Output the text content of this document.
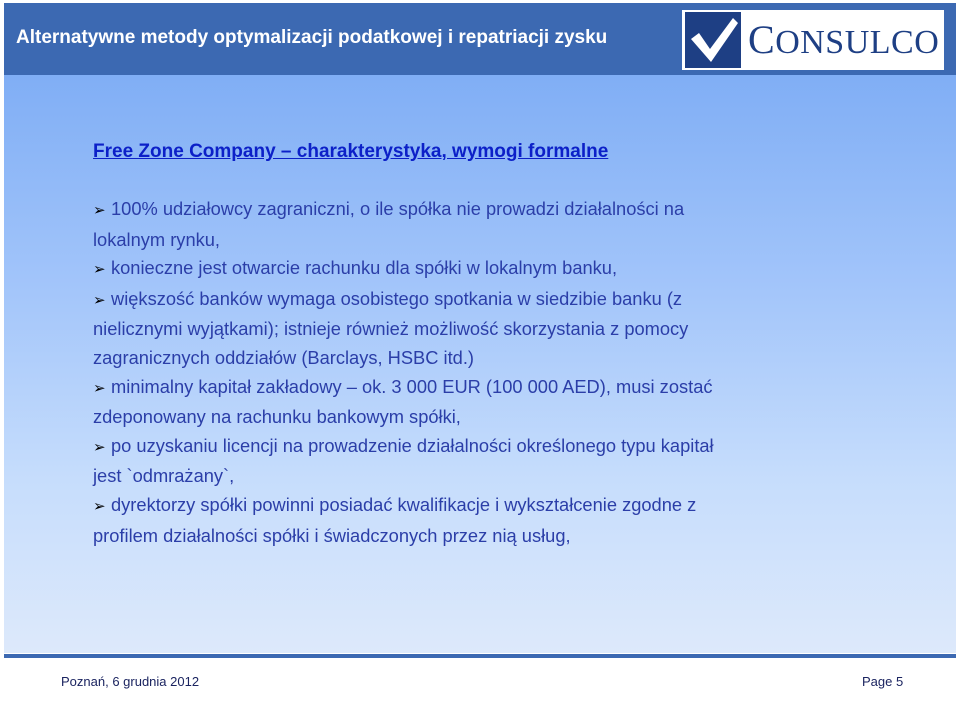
Alternatywne metody optymalizacji podatkowej i repatriacji zysku	CONSULCO
Free Zone Company – charakterystyka, wymogi formalne
➢ 100% udziałowcy zagraniczni, o ile spółka nie prowadzi działalności na
lokalnym rynku,
➢ konieczne jest otwarcie rachunku dla spółki w lokalnym banku,
➢ większość banków wymaga osobistego spotkania w siedzibie banku (z
nielicznymi wyjątkami); istnieje również możliwość skorzystania z pomocy
zagranicznych oddziałów (Barclays, HSBC itd.)
➢ minimalny kapitał zakładowy – ok. 3 000 EUR (100 000 AED), musi zostać
zdeponowany na rachunku bankowym spółki,
➢ po uzyskaniu licencji na prowadzenie działalności określonego typu kapitał
jest `odmrażany`,
➢ dyrektorzy spółki powinni posiadać kwalifikacje i wykształcenie zgodne z
profilem działalności spółki i świadczonych przez nią usług,
Poznań, 6 grudnia 2012	Page 5
